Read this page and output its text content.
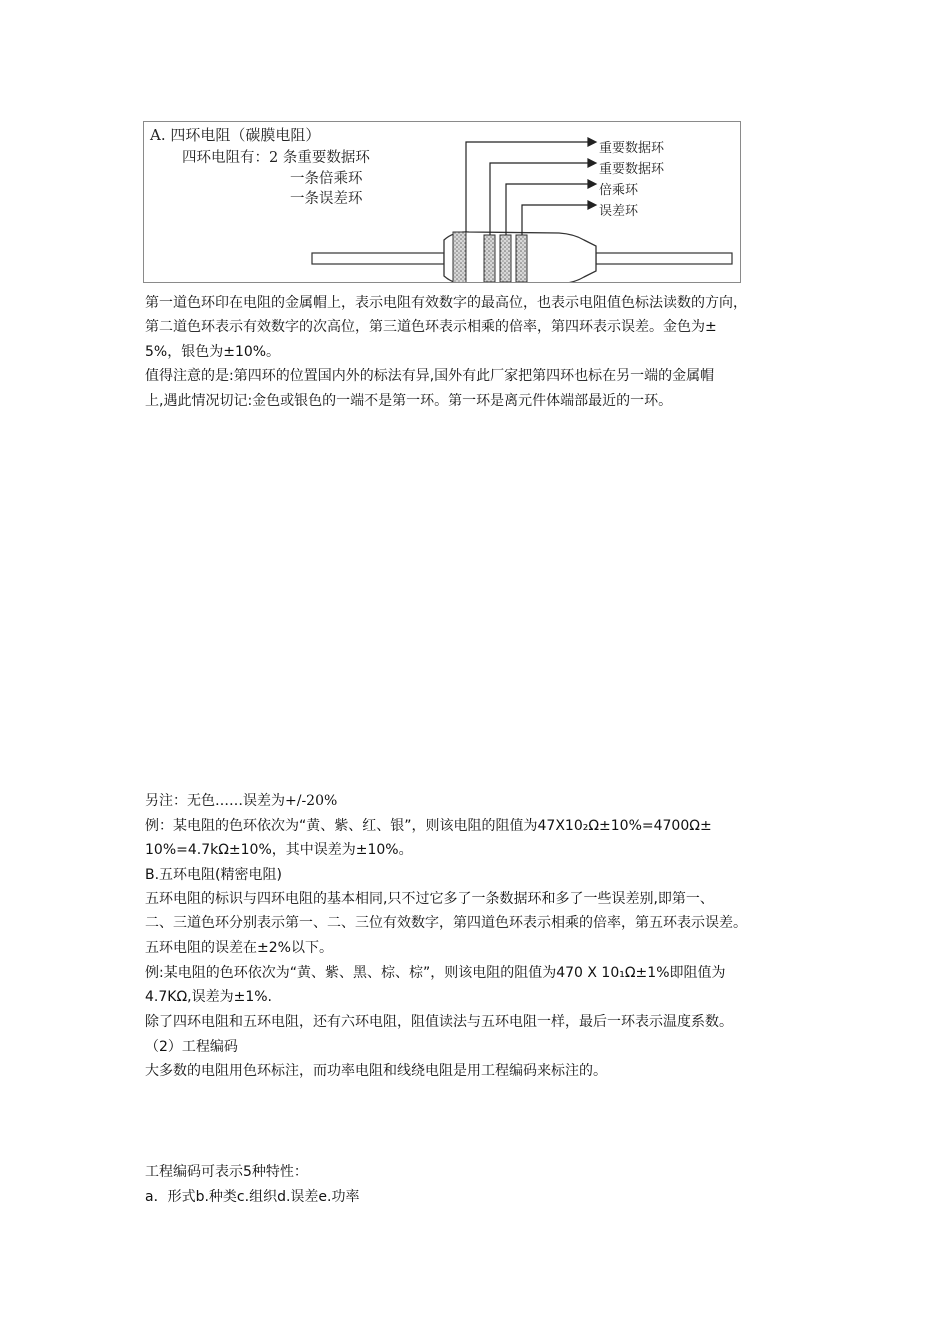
A. 四环电阻（碳膜电阻）
四环电阻有：2 条重要数据环
一条倍乘环
一条误差环
重要数据环
重要数据环
倍乘环
误差环
第一道色环印在电阻的金属帽上，表示电阻有效数字的最高位，也表示电阻值色标法读数的方向，
第二道色环表示有效数字的次高位，第三道色环表示相乘的倍率，第四环表示误差。金色为±
5%，银色为±10%。
值得注意的是:第四环的位置国内外的标法有异,国外有此厂家把第四环也标在另一端的金属帽
上,遇此情况切记:金色或银色的一端不是第一环。第一环是离元件体端部最近的一环。
另注：无色……误差为+/-20%
例：某电阻的色环依次为“黄、紫、红、银”，则该电阻的阻值为47X10₂Ω±10%=4700Ω±
10%=4.7kΩ±10%，其中误差为±10%。
B.五环电阻(精密电阻)
五环电阻的标识与四环电阻的基本相同,只不过它多了一条数据环和多了一些误差别,即第一、
二、三道色环分别表示第一、二、三位有效数字，第四道色环表示相乘的倍率，第五环表示误差。
五环电阻的误差在±2%以下。
例:某电阻的色环依次为“黄、紫、黑、棕、棕”，则该电阻的阻值为470 X 10₁Ω±1%即阻值为
4.7KΩ,误差为±1%.
除了四环电阻和五环电阻，还有六环电阻，阻值读法与五环电阻一样，最后一环表示温度系数。
（2）工程编码
大多数的电阻用色环标注，而功率电阻和线绕电阻是用工程编码来标注的。
工程编码可表示5种特性：
a．形式b.种类c.组织d.误差e.功率
